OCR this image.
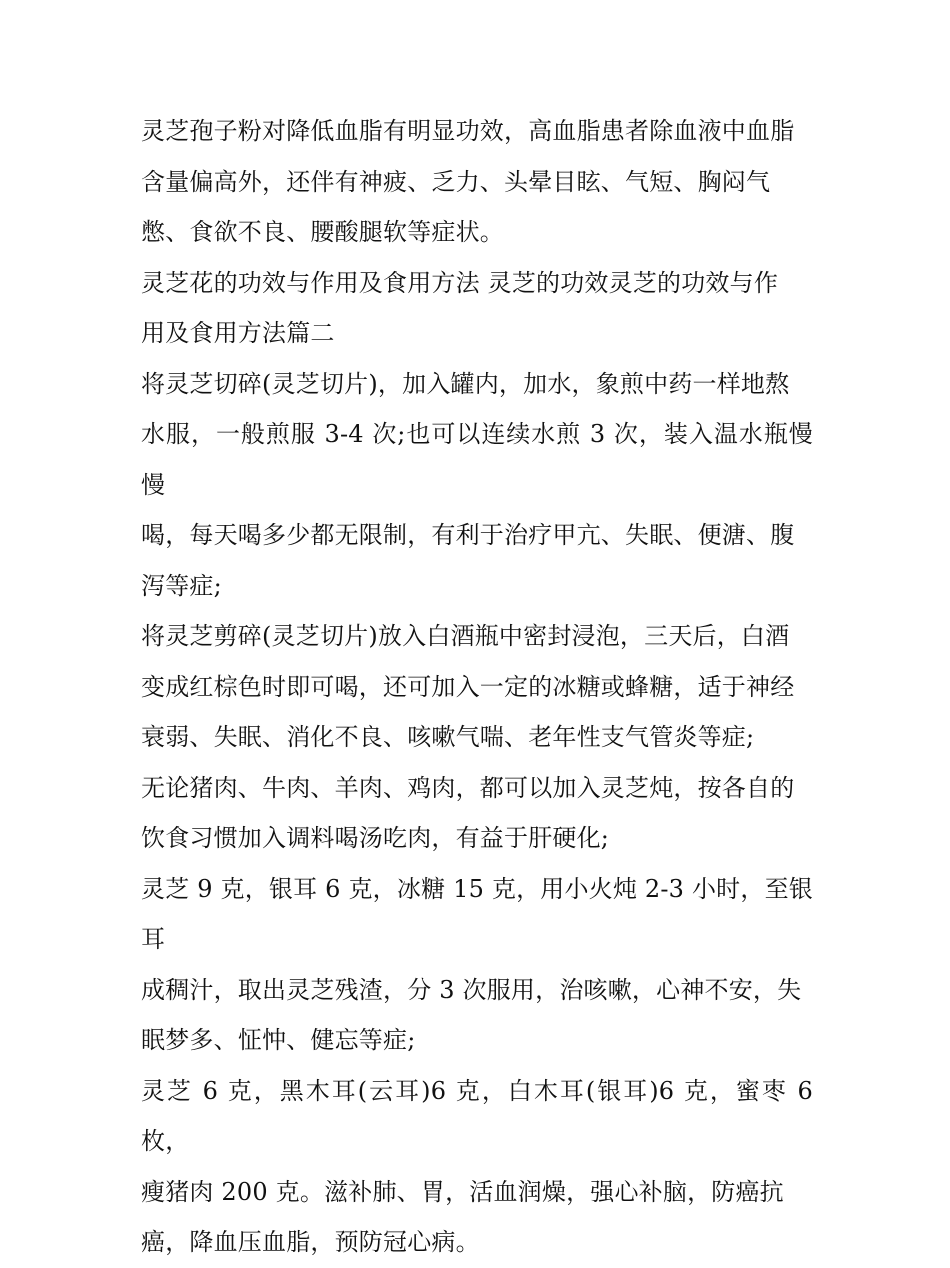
灵芝孢子粉对降低血脂有明显功效，高血脂患者除血液中血脂
含量偏高外，还伴有神疲、乏力、头晕目眩、气短、胸闷气
憋、食欲不良、腰酸腿软等症状。

灵芝花的功效与作用及食用方法 灵芝的功效灵芝的功效与作
用及食用方法篇二

将灵芝切碎(灵芝切片)，加入罐内，加水，象煎中药一样地熬
水服，一般煎服 3-4 次;也可以连续水煎 3 次，装入温水瓶慢慢
喝，每天喝多少都无限制，有利于治疗甲亢、失眠、便溏、腹
泻等症;

将灵芝剪碎(灵芝切片)放入白酒瓶中密封浸泡，三天后，白酒
变成红棕色时即可喝，还可加入一定的冰糖或蜂糖，适于神经
衰弱、失眠、消化不良、咳嗽气喘、老年性支气管炎等症;

无论猪肉、牛肉、羊肉、鸡肉，都可以加入灵芝炖，按各自的
饮食习惯加入调料喝汤吃肉，有益于肝硬化;

灵芝 9 克，银耳 6 克，冰糖 15 克，用小火炖 2-3 小时，至银耳
成稠汁，取出灵芝残渣，分 3 次服用，治咳嗽，心神不安，失
眠梦多、怔忡、健忘等症;

灵芝 6 克，黑木耳(云耳)6 克，白木耳(银耳)6 克，蜜枣 6 枚，
瘦猪肉 200 克。滋补肺、胃，活血润燥，强心补脑，防癌抗
癌，降血压血脂，预防冠心病。
